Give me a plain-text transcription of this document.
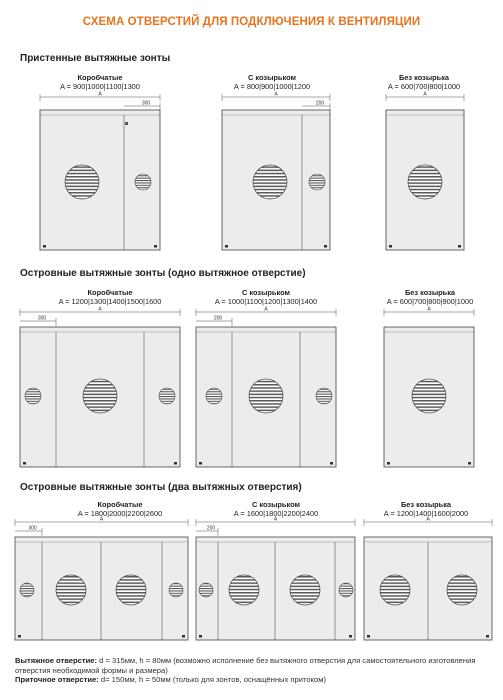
СХЕМА ОТВЕРСТИЙ ДЛЯ ПОДКЛЮЧЕНИЯ К ВЕНТИЛЯЦИИ
Пристенные вытяжные зонты
Островные вытяжные зонты (одно вытяжное отверстие)
Островные вытяжные зонты (два вытяжных отверстия)
Коробчатые
A = 900|1000|1100|1300
С козырьком
A = 800|900|1000|1200
Без козырька
A = 600|700|800|1000
Коробчатые
A = 1200|1300|1400|1500|1600
С козырьком
A = 1000|1100|1200|1300|1400
Без козырька
A = 600|700|800|900|1000
Коробчатые
A = 1800|2000|2200|2600
С козырьком
A = 1600|1800|2200|2400
Без козырька
A = 1200|1400|1600|2000
A
300
A
200
A
A
300
A
200
A
A
300
A
200
A
Вытяжное отверстие: d = 315мм, h = 80мм (возможно исполнение без вытяжного отверстия для самостоятельного изготовления отверстия необходимой формы и размера)
Приточное отверстие: d= 150мм, h = 50мм (только для зонтов, оснащённых притоком)
